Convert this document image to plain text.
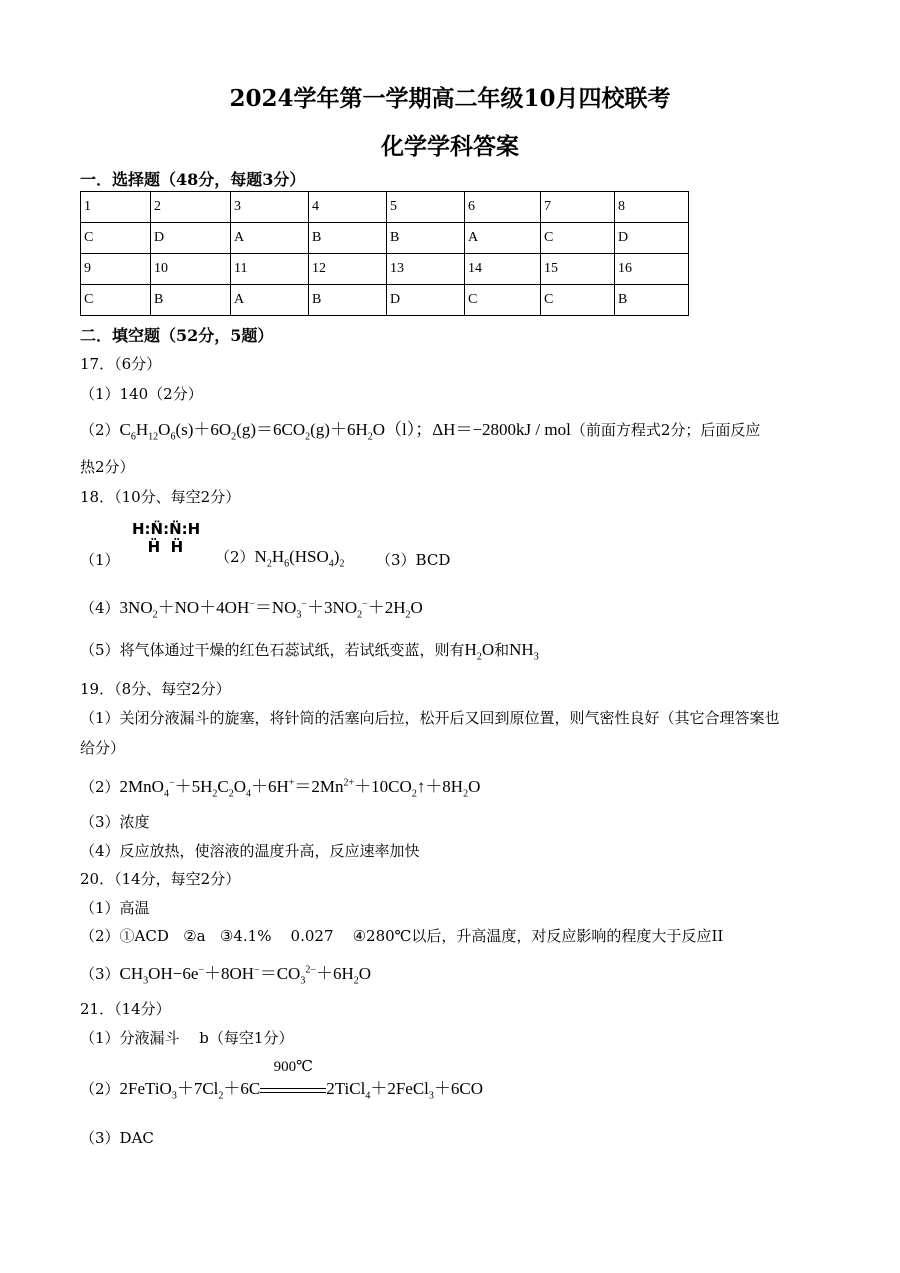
2024学年第一学期高二年级10月四校联考
化学学科答案
一．选择题（48分，每题3分）
1	2	3	4	5	6	7	8
C	D	A	B	B	A	C	D
9	10	11	12	13	14	15	16
C	B	A	B	D	C	C	B
二．填空题（52分，5题）
17．（6分）
（1）140（2分）
$(2)C_6H_{12}O_6(s)+6O_2(g)=6CO_2(g)+6H_2O(l)$；ΔH＝−2800kJ / mol（前面方程式2分；后面反应
热2分）
18．（10分、每空2分）
H:N̈:N̈:H
Ḧ  Ḧ
（1）	$(2)N_2H_6(HSO_4)_2$ （3）BCD
$(4)3NO_2+NO+4OH^-=NO_3^-+3NO_2^-+2H_2O$
（5）将气体通过干燥的红色石蕊试纸，若试纸变蓝，则有$H_2O$和$NH_3$
19．（8分、每空2分）
（1）关闭分液漏斗的旋塞，将针筒的活塞向后拉，松开后又回到原位置，则气密性良好（其它合理答案也
给分）
$(2)2MnO_4^-+5H_2C_2O_4+6H^+=2Mn^{2+}+10CO_2↑+8H_2O$
（3）浓度
（4）反应放热，使溶液的温度升高，反应速率加快
20．（14分，每空2分）
（1）高温
（2）①ACD ②a ③4.1% 0.027 ④280℃以后，升高温度，对反应影响的程度大于反应II
$(3)CH_3OH-6e^-+8OH^-=CO_3^{2-}+6H_2O$
21．（14分）
（1）分液漏斗　 b（每空1分）
$(2)2FeTiO_3+7Cl_2+6C$
900℃
2TiCl$_4$＋2FeCl$_3$＋6CO
（3）DAC
